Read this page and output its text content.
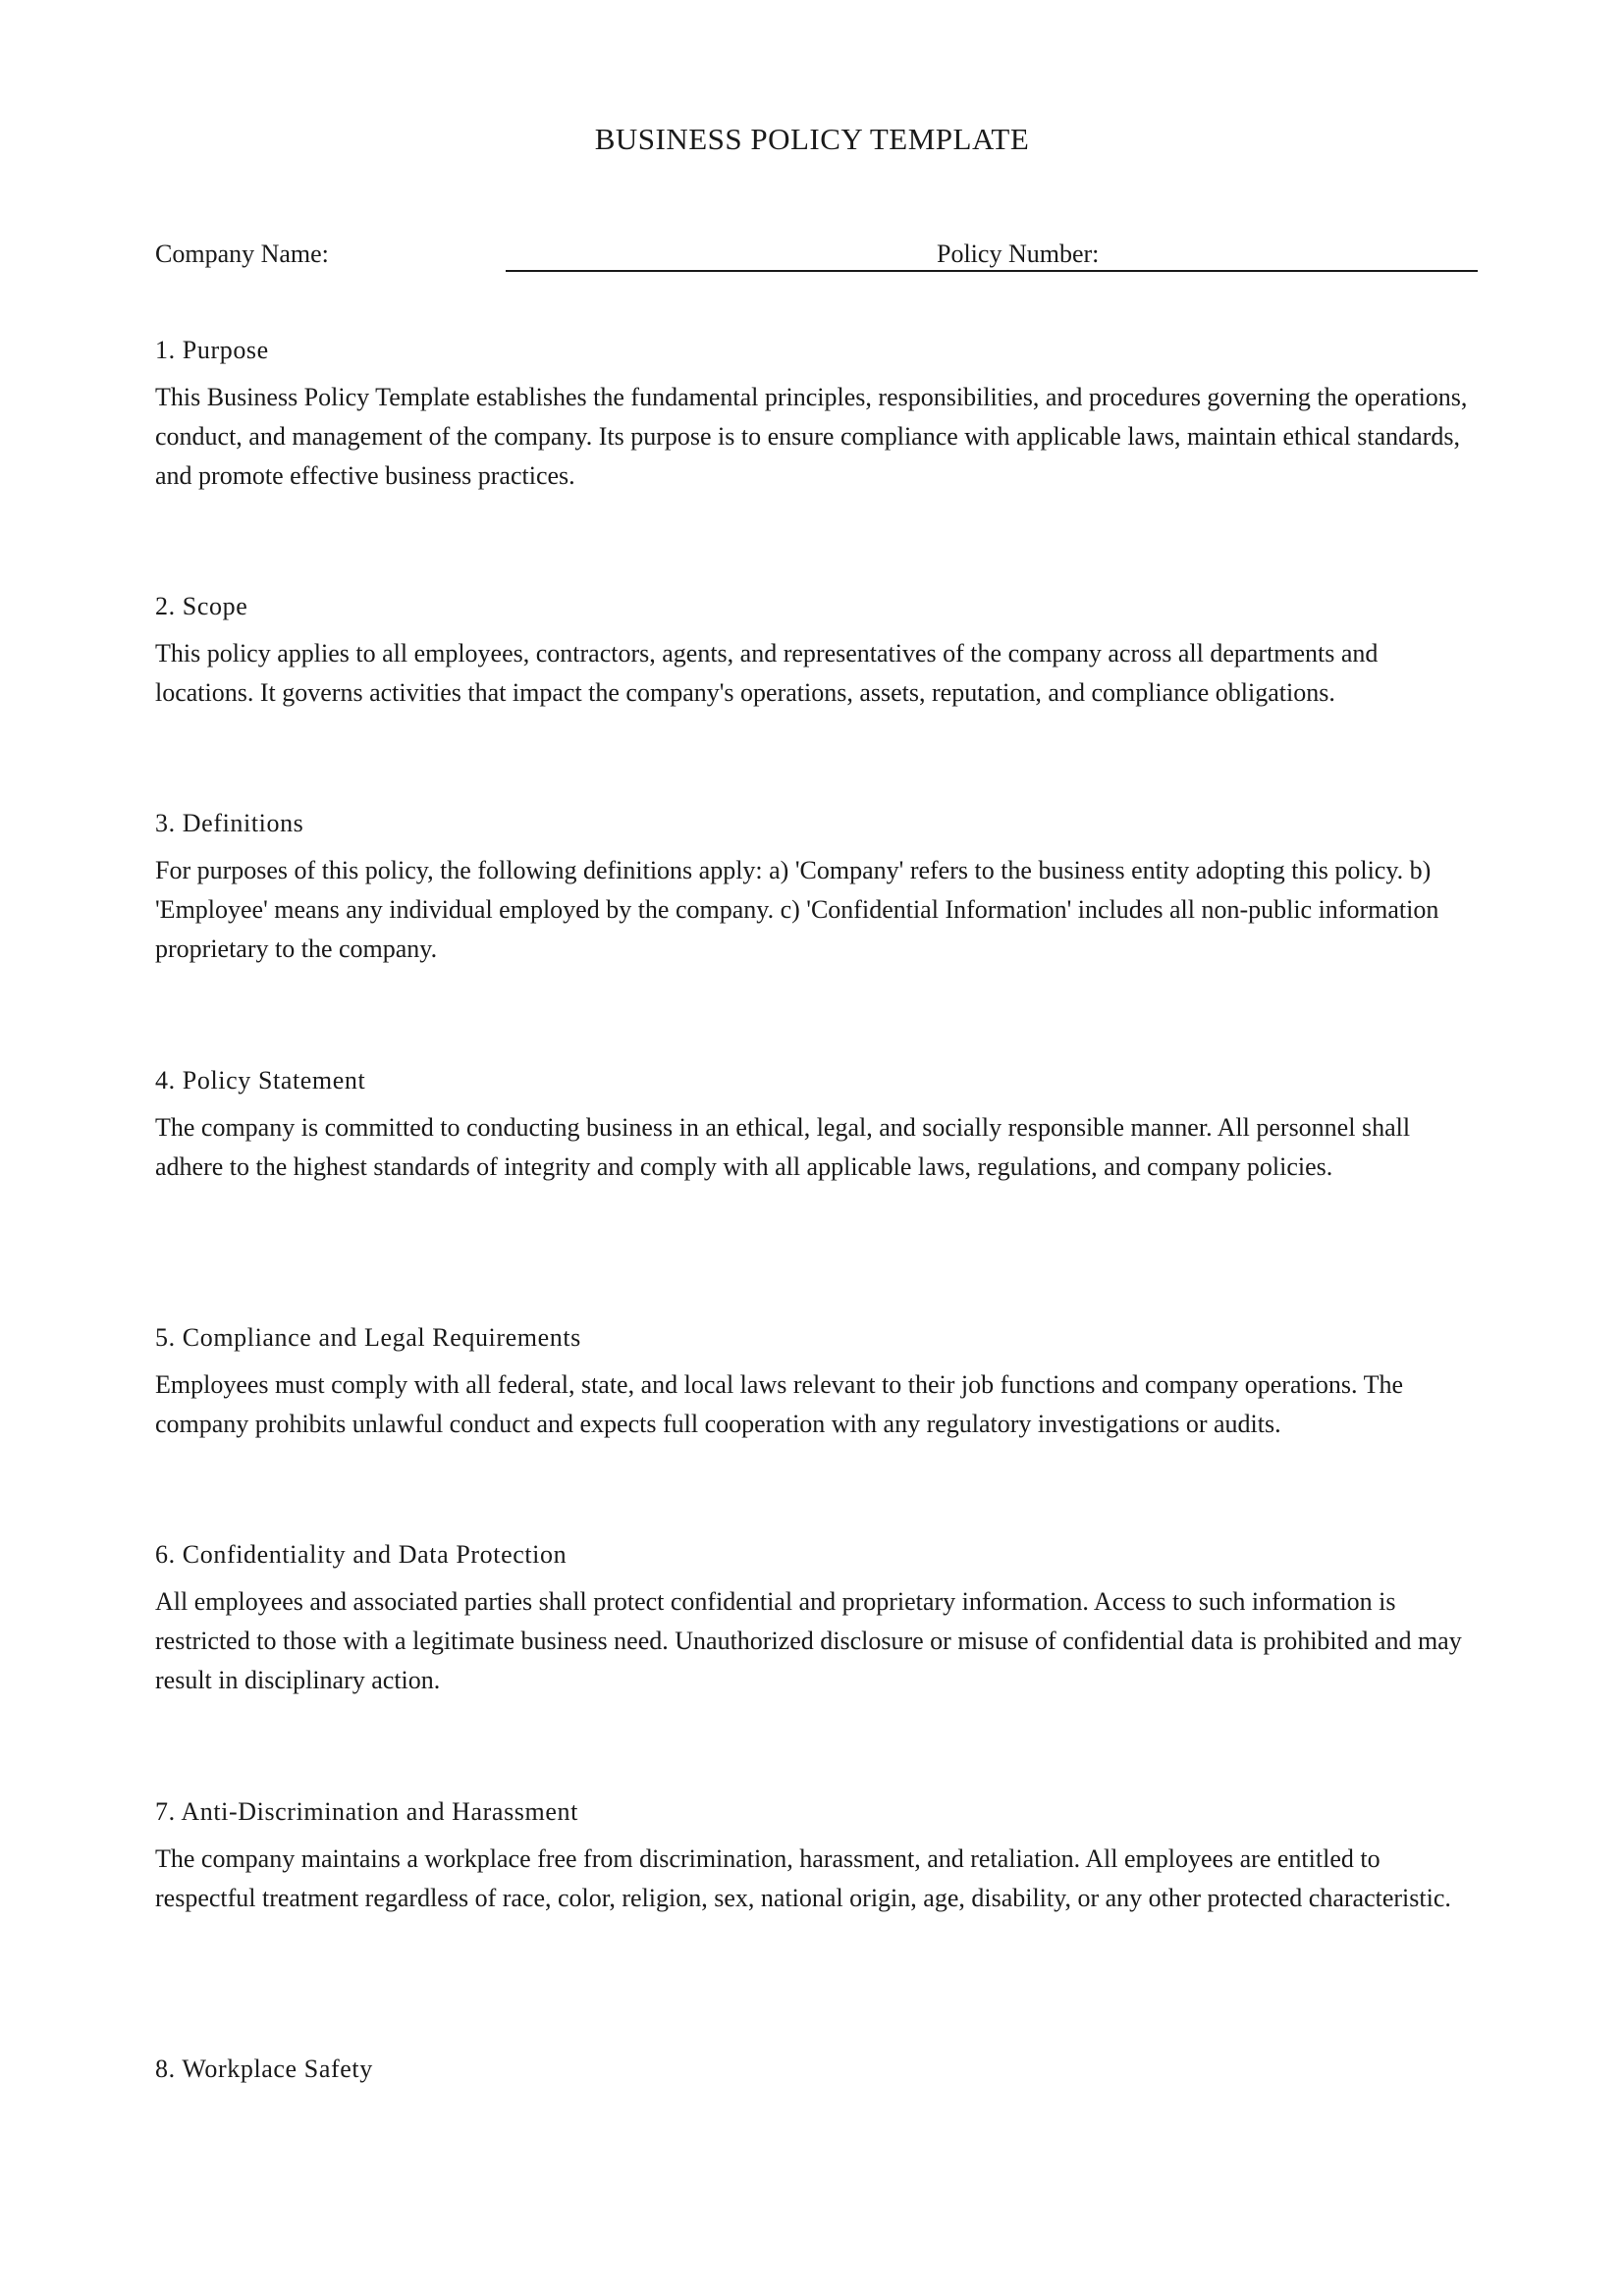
BUSINESS POLICY TEMPLATE
Company Name:	Policy Number:
1. Purpose

This Business Policy Template establishes the fundamental principles, responsibilities, and procedures governing the operations, conduct, and management of the company. Its purpose is to ensure compliance with applicable laws, maintain ethical standards, and promote effective business practices.

2. Scope

This policy applies to all employees, contractors, agents, and representatives of the company across all departments and locations. It governs activities that impact the company's operations, assets, reputation, and compliance obligations.

3. Definitions

For purposes of this policy, the following definitions apply: a) 'Company' refers to the business entity adopting this policy. b) 'Employee' means any individual employed by the company. c) 'Confidential Information' includes all non-public information proprietary to the company.

4. Policy Statement

The company is committed to conducting business in an ethical, legal, and socially responsible manner. All personnel shall adhere to the highest standards of integrity and comply with all applicable laws, regulations, and company policies.

5. Compliance and Legal Requirements

Employees must comply with all federal, state, and local laws relevant to their job functions and company operations. The company prohibits unlawful conduct and expects full cooperation with any regulatory investigations or audits.

6. Confidentiality and Data Protection

All employees and associated parties shall protect confidential and proprietary information. Access to such information is restricted to those with a legitimate business need. Unauthorized disclosure or misuse of confidential data is prohibited and may result in disciplinary action.

7. Anti-Discrimination and Harassment

The company maintains a workplace free from discrimination, harassment, and retaliation. All employees are entitled to respectful treatment regardless of race, color, religion, sex, national origin, age, disability, or any other protected characteristic.

8. Workplace Safety
